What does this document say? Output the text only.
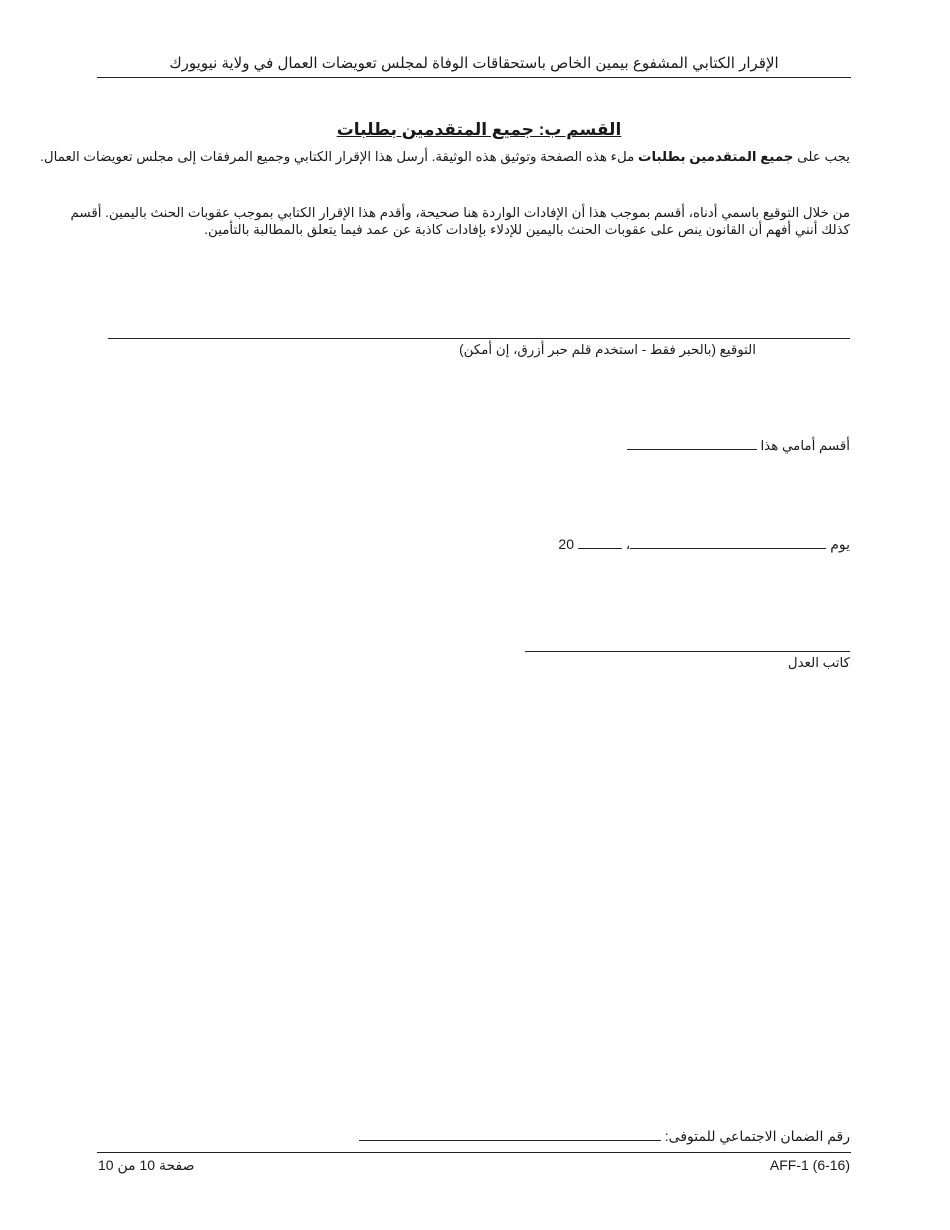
الإقرار الكتابي المشفوع بيمين الخاص باستحقاقات الوفاة لمجلس تعويضات العمال في ولاية نيويورك
القسم ب: جميع المتقدمين بطلبات
يجب على جميع المتقدمين بطلبات ملء هذه الصفحة وتوثيق هذه الوثيقة. أرسل هذا الإقرار الكتابي وجميع المرفقات إلى مجلس تعويضات العمال.
من خلال التوقيع باسمي أدناه، أقسم بموجب هذا أن الإفادات الواردة هنا صحيحة، وأقدم هذا الإقرار الكتابي بموجب عقوبات الحنث باليمين. أقسم كذلك أنني أفهم أن القانون ينص على عقوبات الحنث باليمين للإدلاء بإفادات كاذبة عن عمد فيما يتعلق بالمطالبة بالتأمين.
التوقيع (بالحبر فقط - استخدم قلم حبر أزرق، إن أمكن)
أقسم أمامي هذا
يوم ،  20
كاتب العدل
رقم الضمان الاجتماعي للمتوفى:
صفحة 10 من 10	AFF-1 (6-16)
